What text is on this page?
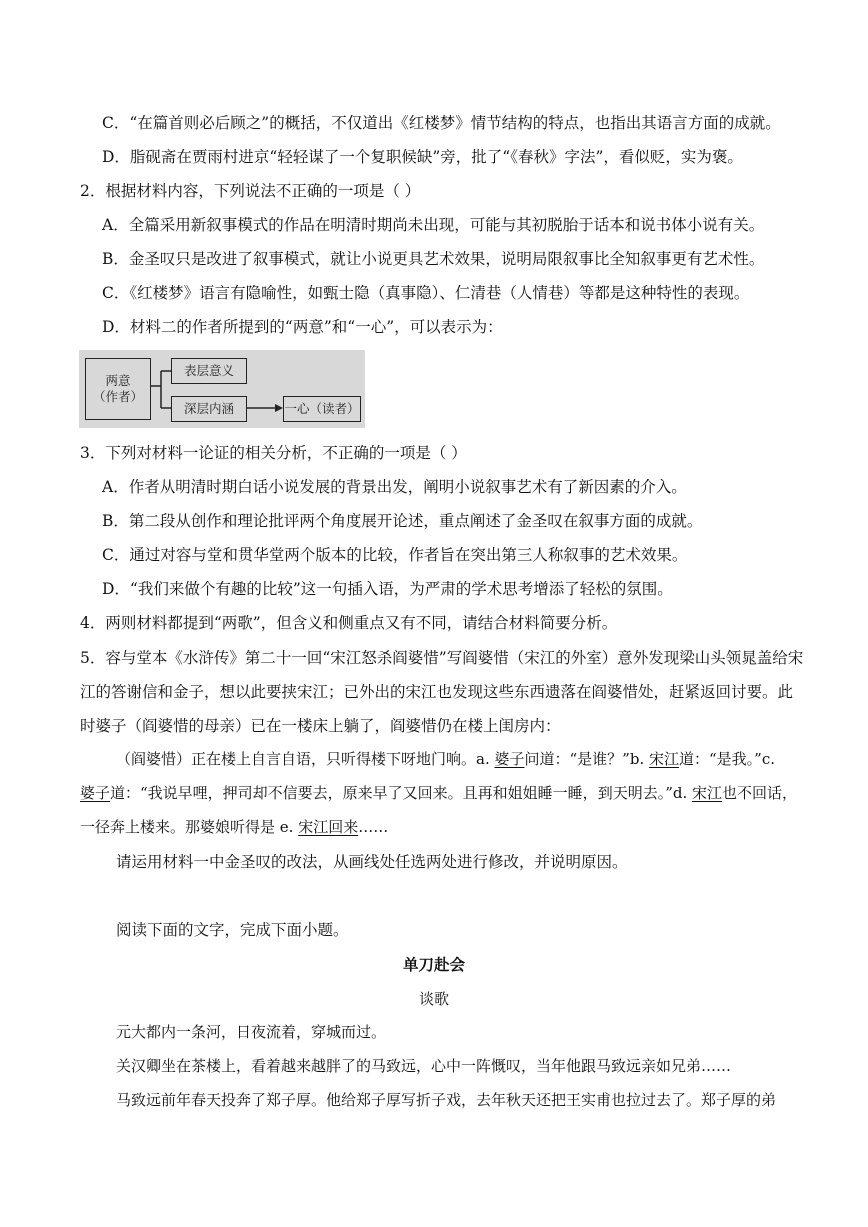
C．“在篇首则必后顾之”的概括，不仅道出《红楼梦》情节结构的特点，也指出其语言方面的成就。
D．脂砚斋在贾雨村进京“轻轻谋了一个复职候缺”旁，批了“《春秋》字法”，看似贬，实为褒。
2．根据材料内容，下列说法不正确的一项是（ ）
A．全篇采用新叙事模式的作品在明清时期尚未出现，可能与其初脱胎于话本和说书体小说有关。
B．金圣叹只是改进了叙事模式，就让小说更具艺术效果，说明局限叙事比全知叙事更有艺术性。
C．《红楼梦》语言有隐喻性，如甄士隐（真事隐）、仁清巷（人情巷）等都是这种特性的表现。
D．材料二的作者所提到的“两意”和“一心”，可以表示为：
两意
（作者）
表层意义
深层内涵	一心（读者）
3．下列对材料一论证的相关分析，不正确的一项是（ ）
A．作者从明清时期白话小说发展的背景出发，阐明小说叙事艺术有了新因素的介入。
B．第二段从创作和理论批评两个角度展开论述，重点阐述了金圣叹在叙事方面的成就。
C．通过对容与堂和贯华堂两个版本的比较，作者旨在突出第三人称叙事的艺术效果。
D．“我们来做个有趣的比较”这一句插入语，为严肃的学术思考增添了轻松的氛围。
4．两则材料都提到“两歌”，但含义和侧重点又有不同，请结合材料简要分析。
5．容与堂本《水浒传》第二十一回“宋江怒杀阎婆惜”写阎婆惜（宋江的外室）意外发现梁山头领晁盖给宋
江的答谢信和金子，想以此要挟宋江；已外出的宋江也发现这些东西遗落在阎婆惜处，赶紧返回讨要。此
时婆子（阎婆惜的母亲）已在一楼床上躺了，阎婆惜仍在楼上闺房内：
（阎婆惜）正在楼上自言自语，只听得楼下呀地门响。a. 婆子问道：“是谁？”b. 宋江道：“是我。”c.
婆子道：“我说早哩，押司却不信要去，原来早了又回来。且再和姐姐睡一睡，到天明去。”d. 宋江也不回话，
一径奔上楼来。那婆娘听得是 e. 宋江回来……
请运用材料一中金圣叹的改法，从画线处任选两处进行修改，并说明原因。
阅读下面的文字，完成下面小题。
单刀赴会
谈歌
元大都内一条河，日夜流着，穿城而过。
关汉卿坐在茶楼上，看着越来越胖了的马致远，心中一阵慨叹，当年他跟马致远亲如兄弟……
马致远前年春天投奔了郑子厚。他给郑子厚写折子戏，去年秋天还把王实甫也拉过去了。郑子厚的弟
